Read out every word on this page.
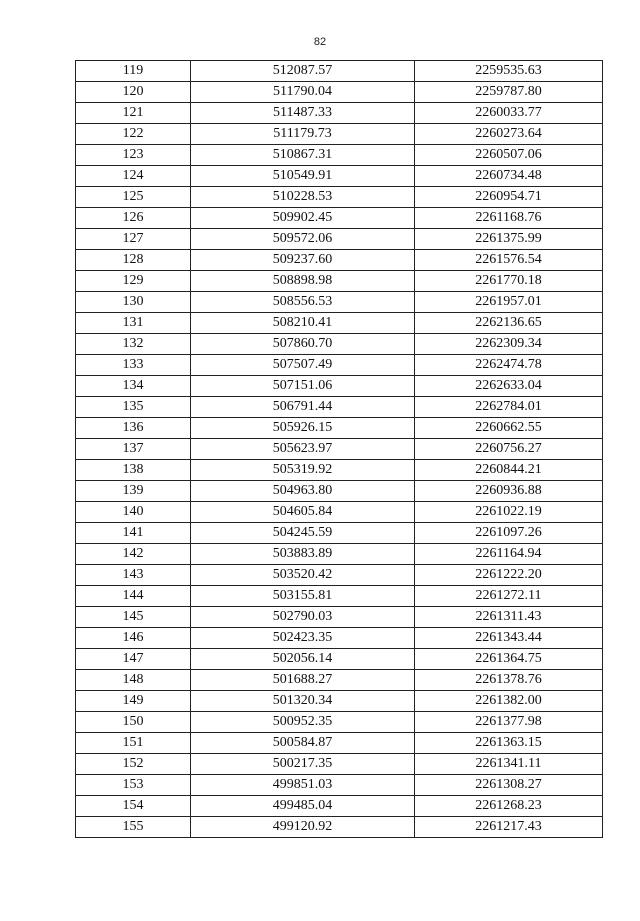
82
119	512087.57	2259535.63
120	511790.04	2259787.80
121	511487.33	2260033.77
122	511179.73	2260273.64
123	510867.31	2260507.06
124	510549.91	2260734.48
125	510228.53	2260954.71
126	509902.45	2261168.76
127	509572.06	2261375.99
128	509237.60	2261576.54
129	508898.98	2261770.18
130	508556.53	2261957.01
131	508210.41	2262136.65
132	507860.70	2262309.34
133	507507.49	2262474.78
134	507151.06	2262633.04
135	506791.44	2262784.01
136	505926.15	2260662.55
137	505623.97	2260756.27
138	505319.92	2260844.21
139	504963.80	2260936.88
140	504605.84	2261022.19
141	504245.59	2261097.26
142	503883.89	2261164.94
143	503520.42	2261222.20
144	503155.81	2261272.11
145	502790.03	2261311.43
146	502423.35	2261343.44
147	502056.14	2261364.75
148	501688.27	2261378.76
149	501320.34	2261382.00
150	500952.35	2261377.98
151	500584.87	2261363.15
152	500217.35	2261341.11
153	499851.03	2261308.27
154	499485.04	2261268.23
155	499120.92	2261217.43
